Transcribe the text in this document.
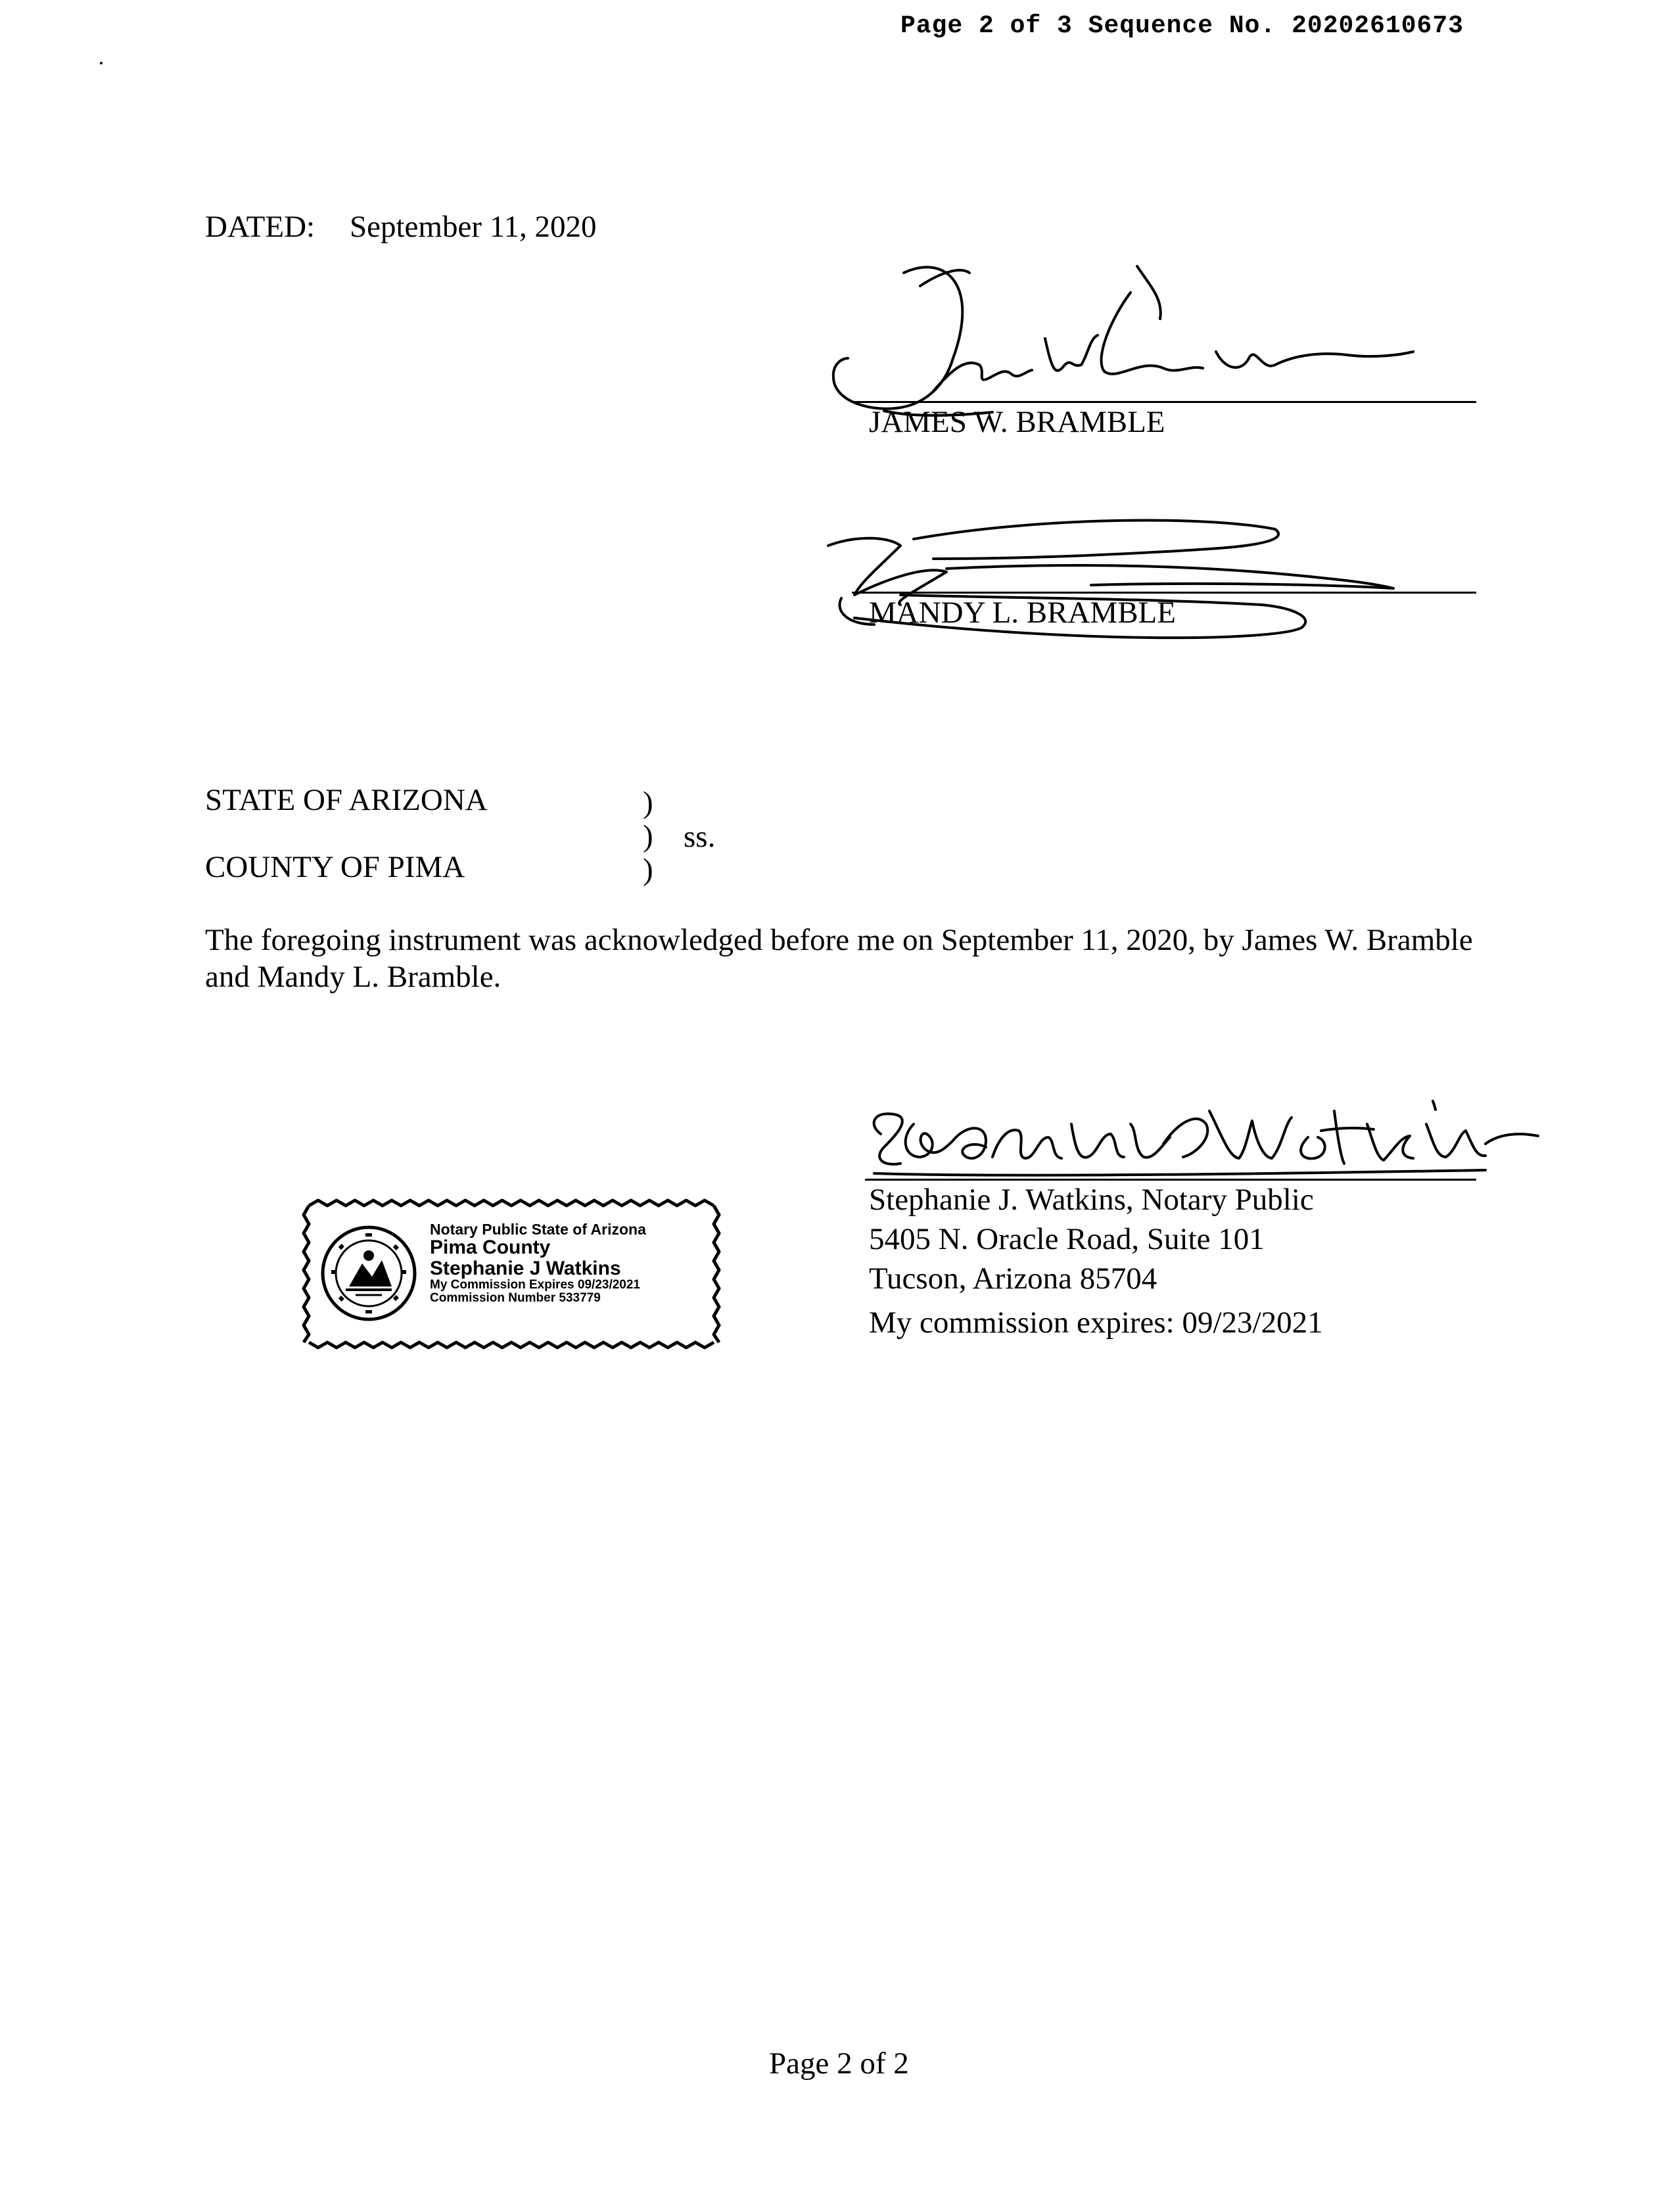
Page 2 of 3 Sequence No. 20202610673
DATED: September 11, 2020
JAMES W. BRAMBLE
MANDY L. BRAMBLE
STATE OF ARIZONA	)
) ss.
)
COUNTY OF PIMA
The foregoing instrument was acknowledged before me on September 11, 2020, by James W. Bramble and Mandy L. Bramble.
Stephanie J. Watkins, Notary Public
5405 N. Oracle Road, Suite 101
Tucson, Arizona 85704
My commission expires: 09/23/2021
Notary Public State of Arizona
Pima County
Stephanie J Watkins
My Commission Expires 09/23/2021
Commission Number 533779
Page 2 of 2
